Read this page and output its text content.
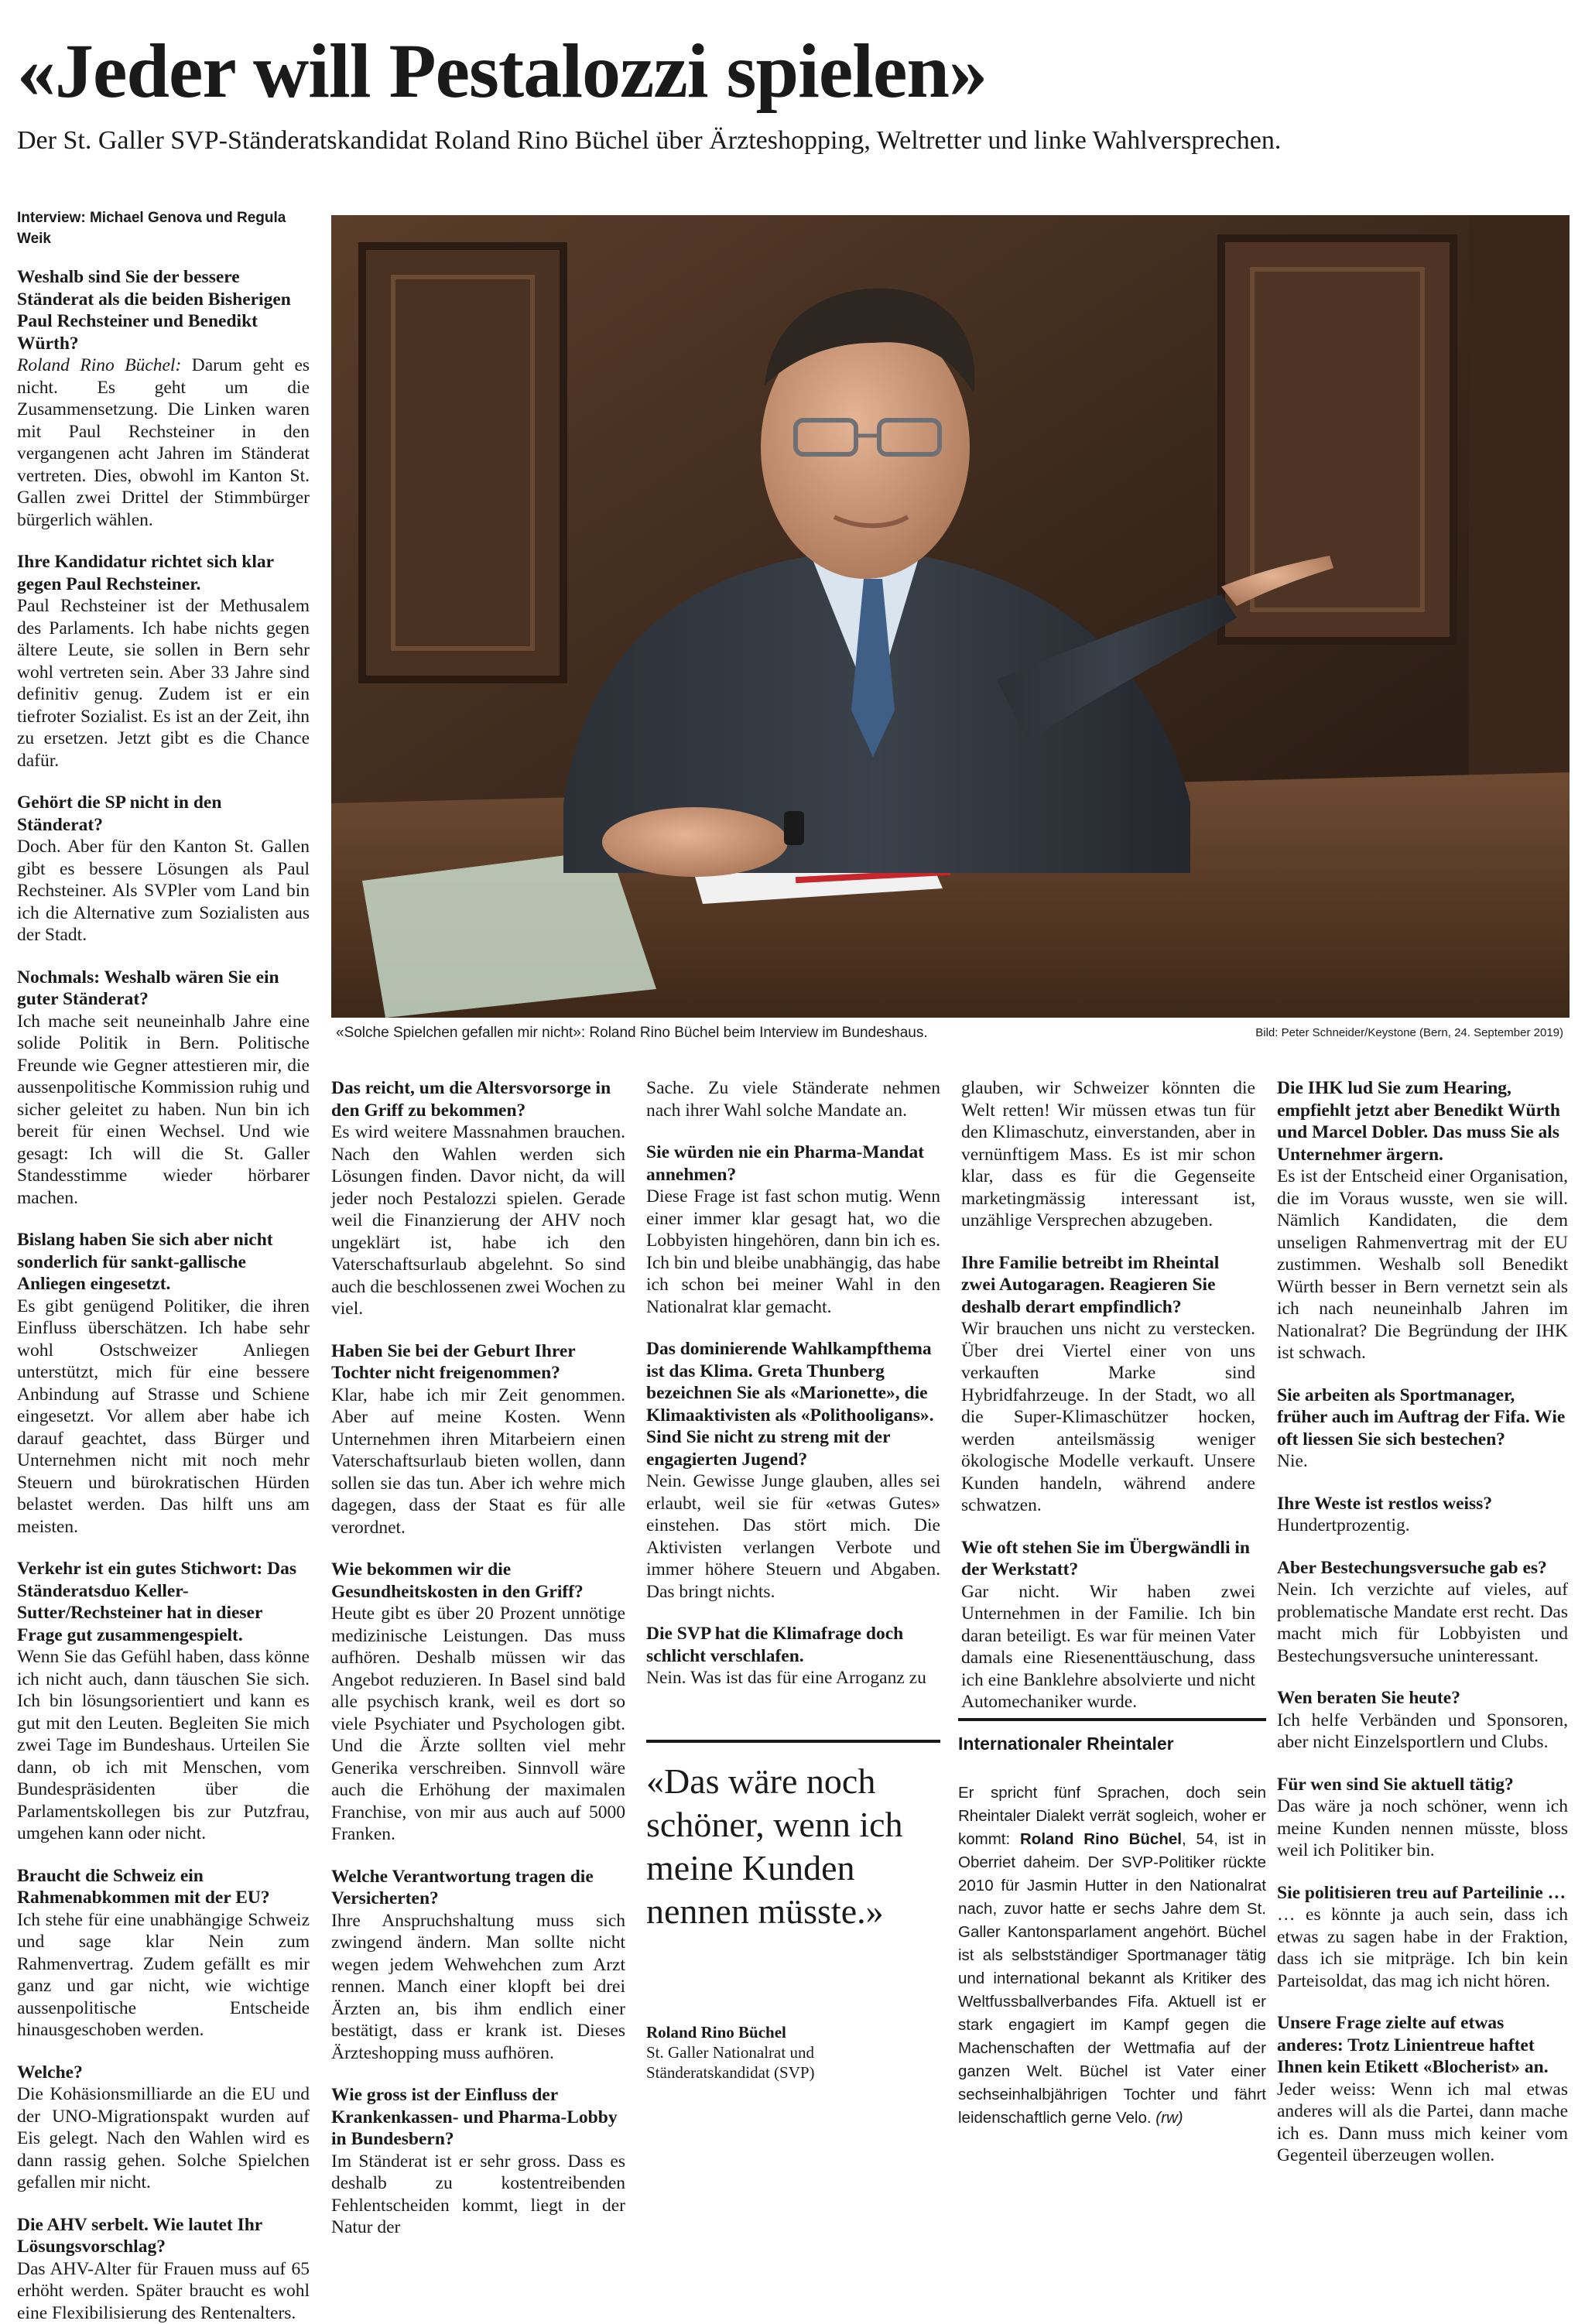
«Jeder will Pestalozzi spielen»

Der St. Galler SVP-Ständeratskandidat Roland Rino Büchel über Ärzteshopping, Weltretter und linke Wahlversprechen.

Interview: Michael Genova und Regula Weik

Weshalb sind Sie der bessere Ständerat als die beiden Bisherigen Paul Rechsteiner und Benedikt Würth?

Roland Rino Büchel: Darum geht es nicht. Es geht um die Zusammensetzung. Die Linken waren mit Paul Rechsteiner in den vergangenen acht Jahren im Ständerat vertreten. Dies, obwohl im Kanton St. Gallen zwei Drittel der Stimmbürger bürgerlich wählen.

Ihre Kandidatur richtet sich klar gegen Paul Rechsteiner.

Paul Rechsteiner ist der Methusalem des Parlaments. Ich habe nichts gegen ältere Leute, sie sollen in Bern sehr wohl vertreten sein. Aber 33 Jahre sind definitiv genug. Zudem ist er ein tiefroter Sozialist. Es ist an der Zeit, ihn zu ersetzen. Jetzt gibt es die Chance dafür.

Gehört die SP nicht in den Ständerat?

Doch. Aber für den Kanton St. Gallen gibt es bessere Lösungen als Paul Rechsteiner. Als SVPler vom Land bin ich die Alternative zum Sozialisten aus der Stadt.

Nochmals: Weshalb wären Sie ein guter Ständerat?

Ich mache seit neuneinhalb Jahre eine solide Politik in Bern. Politische Freunde wie Gegner attestieren mir, die aussenpolitische Kommission ruhig und sicher geleitet zu haben. Nun bin ich bereit für einen Wechsel. Und wie gesagt: Ich will die St. Galler Standesstimme wieder hörbarer machen.

Bislang haben Sie sich aber nicht sonderlich für sankt-gallische Anliegen eingesetzt.

Es gibt genügend Politiker, die ihren Einfluss überschätzen. Ich habe sehr wohl Ostschweizer Anliegen unterstützt, mich für eine bessere Anbindung auf Strasse und Schiene eingesetzt. Vor allem aber habe ich darauf geachtet, dass Bürger und Unternehmen nicht mit noch mehr Steuern und bürokratischen Hürden belastet werden. Das hilft uns am meisten.

Verkehr ist ein gutes Stichwort: Das Ständeratsduo Keller-Sutter/Rechsteiner hat in dieser Frage gut zusammengespielt.

Wenn Sie das Gefühl haben, dass könne ich nicht auch, dann täuschen Sie sich. Ich bin lösungsorientiert und kann es gut mit den Leuten. Begleiten Sie mich zwei Tage im Bundeshaus. Urteilen Sie dann, ob ich mit Menschen, vom Bundespräsidenten über die Parlamentskollegen bis zur Putzfrau, umgehen kann oder nicht.

Braucht die Schweiz ein Rahmenabkommen mit der EU?

Ich stehe für eine unabhängige Schweiz und sage klar Nein zum Rahmenvertrag. Zudem gefällt es mir ganz und gar nicht, wie wichtige aussenpolitische Entscheide hinausgeschoben werden.

Welche?

Die Kohäsionsmilliarde an die EU und der UNO-Migrationspakt wurden auf Eis gelegt. Nach den Wahlen wird es dann rassig gehen. Solche Spielchen gefallen mir nicht.

Die AHV serbelt. Wie lautet Ihr Lösungsvorschlag?

Das AHV-Alter für Frauen muss auf 65 erhöht werden. Später braucht es wohl eine Flexibilisierung des Rentenalters.

«Solche Spielchen gefallen mir nicht»: Roland Rino Büchel beim Interview im Bundeshaus.	Bild: Peter Schneider/Keystone (Bern, 24. September 2019)

Das reicht, um die Altersvorsorge in den Griff zu bekommen?

Es wird weitere Massnahmen brauchen. Nach den Wahlen werden sich Lösungen finden. Davor nicht, da will jeder noch Pestalozzi spielen. Gerade weil die Finanzierung der AHV noch ungeklärt ist, habe ich den Vaterschaftsurlaub abgelehnt. So sind auch die beschlossenen zwei Wochen zu viel.

Haben Sie bei der Geburt Ihrer Tochter nicht freigenommen?

Klar, habe ich mir Zeit genommen. Aber auf meine Kosten. Wenn Unternehmen ihren Mitarbeiern einen Vaterschaftsurlaub bieten wollen, dann sollen sie das tun. Aber ich wehre mich dagegen, dass der Staat es für alle verordnet.

Wie bekommen wir die Gesundheitskosten in den Griff?

Heute gibt es über 20 Prozent unnötige medizinische Leistungen. Das muss aufhören. Deshalb müssen wir das Angebot reduzieren. In Basel sind bald alle psychisch krank, weil es dort so viele Psychiater und Psychologen gibt. Und die Ärzte sollten viel mehr Generika verschreiben. Sinnvoll wäre auch die Erhöhung der maximalen Franchise, von mir aus auch auf 5000 Franken.

Welche Verantwortung tragen die Versicherten?

Ihre Anspruchshaltung muss sich zwingend ändern. Man sollte nicht wegen jedem Wehwehchen zum Arzt rennen. Manch einer klopft bei drei Ärzten an, bis ihm endlich einer bestätigt, dass er krank ist. Dieses Ärzteshopping muss aufhören.

Wie gross ist der Einfluss der Krankenkassen- und Pharma-Lobby in Bundesbern?

Im Ständerat ist er sehr gross. Dass es deshalb zu kostentreibenden Fehlentscheiden kommt, liegt in der Natur der

Sache. Zu viele Ständerate nehmen nach ihrer Wahl solche Mandate an.

Sie würden nie ein Pharma-Mandat annehmen?

Diese Frage ist fast schon mutig. Wenn einer immer klar gesagt hat, wo die Lobbyisten hingehören, dann bin ich es. Ich bin und bleibe unabhängig, das habe ich schon bei meiner Wahl in den Nationalrat klar gemacht.

Das dominierende Wahlkampfthema ist das Klima. Greta Thunberg bezeichnen Sie als «Marionette», die Klimaaktivisten als «Polithooligans». Sind Sie nicht zu streng mit der engagierten Jugend?

Nein. Gewisse Junge glauben, alles sei erlaubt, weil sie für «etwas Gutes» einstehen. Das stört mich. Die Aktivisten verlangen Verbote und immer höhere Steuern und Abgaben. Das bringt nichts.

Die SVP hat die Klimafrage doch schlicht verschlafen.

Nein. Was ist das für eine Arroganz zu

glauben, wir Schweizer könnten die Welt retten! Wir müssen etwas tun für den Klimaschutz, einverstanden, aber in vernünftigem Mass. Es ist mir schon klar, dass es für die Gegenseite marketingmässig interessant ist, unzählige Versprechen abzugeben.

Ihre Familie betreibt im Rheintal zwei Autogaragen. Reagieren Sie deshalb derart empfindlich?

Wir brauchen uns nicht zu verstecken. Über drei Viertel einer von uns verkauften Marke sind Hybridfahrzeuge. In der Stadt, wo all die Super-Klimaschützer hocken, werden anteilsmässig weniger ökologische Modelle verkauft. Unsere Kunden handeln, während andere schwatzen.

Wie oft stehen Sie im Übergwändli in der Werkstatt?

Gar nicht. Wir haben zwei Unternehmen in der Familie. Ich bin daran beteiligt. Es war für meinen Vater damals eine Riesenenttäuschung, dass ich eine Banklehre absolvierte und nicht Automechaniker wurde.

Die IHK lud Sie zum Hearing, empfiehlt jetzt aber Benedikt Würth und Marcel Dobler. Das muss Sie als Unternehmer ärgern.

Es ist der Entscheid einer Organisation, die im Voraus wusste, wen sie will. Nämlich Kandidaten, die dem unseligen Rahmenvertrag mit der EU zustimmen. Weshalb soll Benedikt Würth besser in Bern vernetzt sein als ich nach neuneinhalb Jahren im Nationalrat? Die Begründung der IHK ist schwach.

Sie arbeiten als Sportmanager, früher auch im Auftrag der Fifa. Wie oft liessen Sie sich bestechen?

Nie.

Ihre Weste ist restlos weiss?

Hundertprozentig.

Aber Bestechungsversuche gab es?

Nein. Ich verzichte auf vieles, auf problematische Mandate erst recht. Das macht mich für Lobbyisten und Bestechungsversuche uninteressant.

Wen beraten Sie heute?

Ich helfe Verbänden und Sponsoren, aber nicht Einzelsportlern und Clubs.

Für wen sind Sie aktuell tätig?

Das wäre ja noch schöner, wenn ich meine Kunden nennen müsste, bloss weil ich Politiker bin.

Sie politisieren treu auf Parteilinie …

… es könnte ja auch sein, dass ich etwas zu sagen habe in der Fraktion, dass ich sie mitpräge. Ich bin kein Parteisoldat, das mag ich nicht hören.

Unsere Frage zielte auf etwas anderes: Trotz Linientreue haftet Ihnen kein Etikett «Blocherist» an.

Jeder weiss: Wenn ich mal etwas anderes will als die Partei, dann mache ich es. Dann muss mich keiner vom Gegenteil überzeugen wollen.

«Das wäre noch schöner, wenn ich meine Kunden nennen müsste.»
Roland Rino Büchel
St. Galler Nationalrat und Ständeratskandidat (SVP)
Internationaler Rheintaler
Er spricht fünf Sprachen, doch sein Rheintaler Dialekt verrät sogleich, woher er kommt: Roland Rino Büchel, 54, ist in Oberriet daheim. Der SVP-Politiker rückte 2010 für Jasmin Hutter in den Nationalrat nach, zuvor hatte er sechs Jahre dem St. Galler Kantonsparlament angehört. Büchel ist als selbstständiger Sportmanager tätig und international bekannt als Kritiker des Weltfussballverbandes Fifa. Aktuell ist er stark engagiert im Kampf gegen die Machenschaften der Wettmafia auf der ganzen Welt. Büchel ist Vater einer sechseinhalbjährigen Tochter und fährt leidenschaftlich gerne Velo. (rw)
